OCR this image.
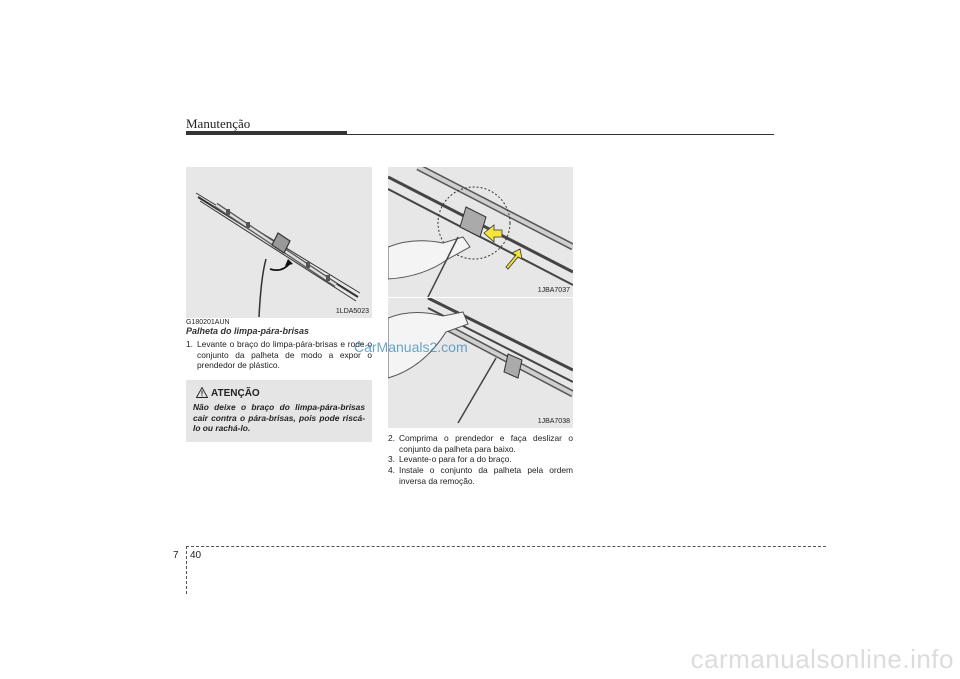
Manutenção
1LDA5023
1JBA7037
1JBA7038
G180201AUN
Palheta do limpa-pára-brisas
1. Levante o braço do limpa-pára-brisas e rode o conjunto da palheta de modo a expor o prendedor de plástico.
ATENÇÃO
Não deixe o braço do limpa-pára-brisas cair contra o pára-brisas, pois pode riscá-lo ou rachá-lo.
2. Comprima o prendedor e faça deslizar o conjunto da palheta para baixo.
3. Levante-o para for a do braço.
4. Instale o conjunto da palheta pela ordem inversa da remoção.
CarManuals2.com
7 40
carmanualsonline.info
